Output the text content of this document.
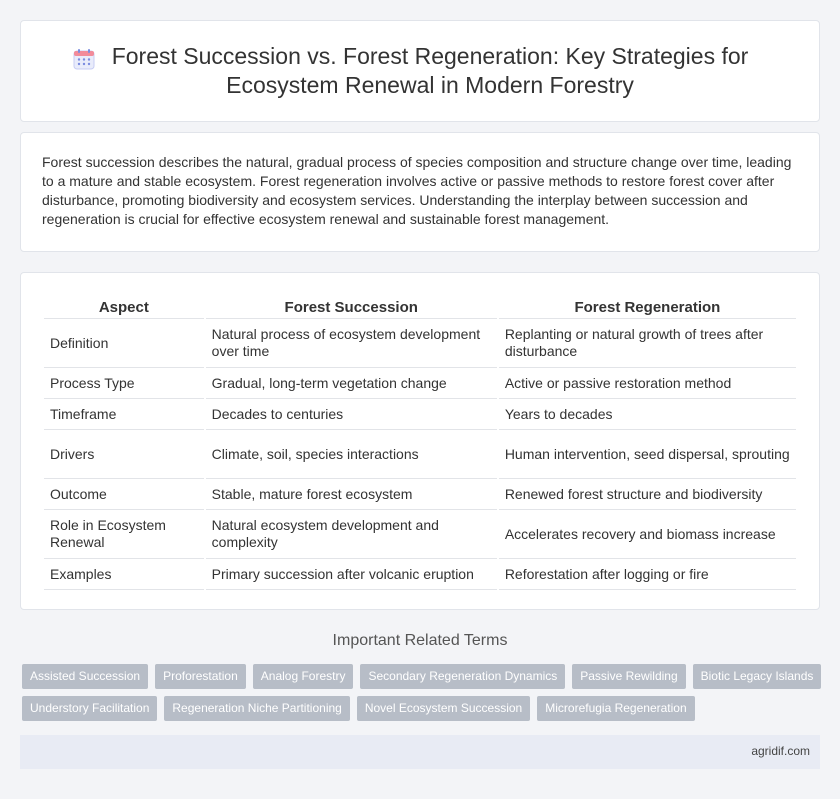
Forest Succession vs. Forest Regeneration: Key Strategies for Ecosystem Renewal in Modern Forestry

Forest succession describes the natural, gradual process of species composition and structure change over time, leading to a mature and stable ecosystem. Forest regeneration involves active or passive methods to restore forest cover after disturbance, promoting biodiversity and ecosystem services. Understanding the interplay between succession and regeneration is crucial for effective ecosystem renewal and sustainable forest management.

Aspect	Forest Succession	Forest Regeneration
Definition	Natural process of ecosystem development over time	Replanting or natural growth of trees after disturbance
Process Type	Gradual, long-term vegetation change	Active or passive restoration method
Timeframe	Decades to centuries	Years to decades
Drivers	Climate, soil, species interactions	Human intervention, seed dispersal, sprouting
Outcome	Stable, mature forest ecosystem	Renewed forest structure and biodiversity
Role in Ecosystem Renewal	Natural ecosystem development and complexity	Accelerates recovery and biomass increase
Examples	Primary succession after volcanic eruption	Reforestation after logging or fire
Important Related Terms
Assisted Succession	Proforestation	Analog Forestry	Secondary Regeneration Dynamics	Passive Rewilding	Biotic Legacy Islands
Understory Facilitation	Regeneration Niche Partitioning	Novel Ecosystem Succession	Microrefugia Regeneration
agridif.com
